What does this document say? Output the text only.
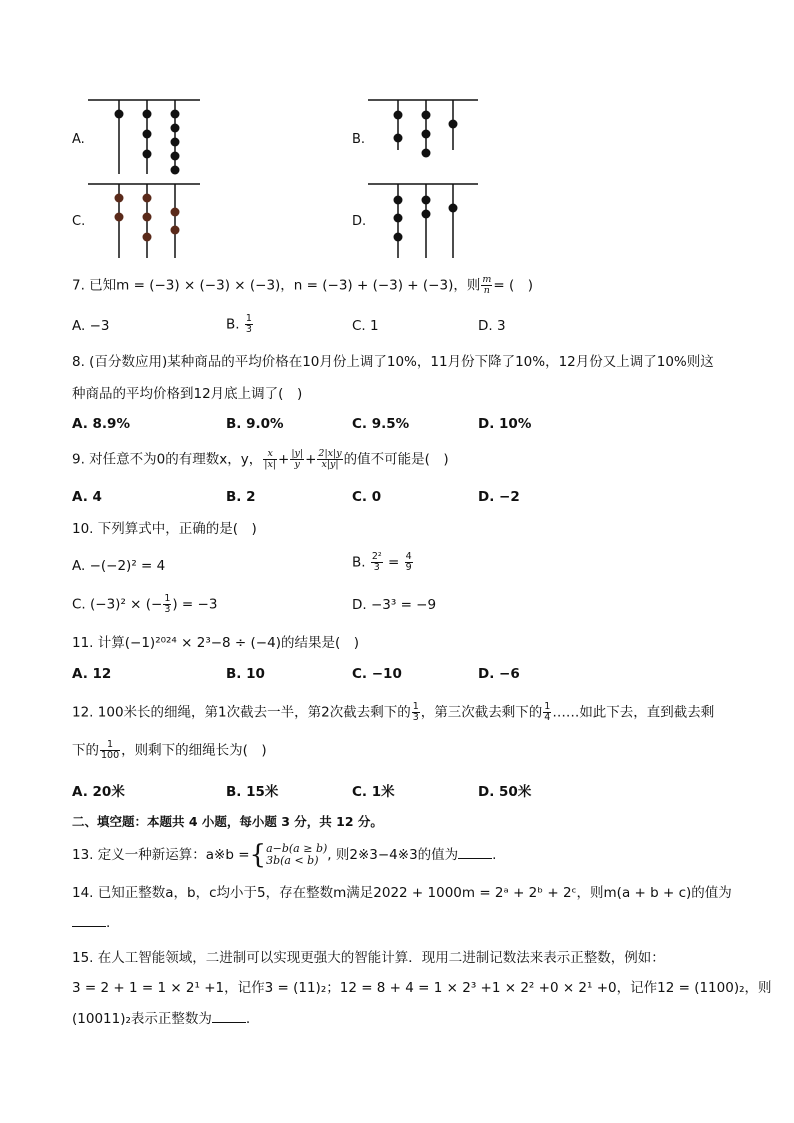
A.	B.
C.	D.
7. 已知m = (−3) × (−3) × (−3)，n = (−3) + (−3) + (−3)，则 $\frac{m}{n}$ = (　)
A. −3	B. $\frac{1}{3}$	C. 1	D. 3
8. (百分数应用)某种商品的平均价格在10月份上调了10%，11月份下降了10%，12月份又上调了10%则这
种商品的平均价格到12月底上调了(　)
A. 8.9%	B. 9.0%	C. 9.5%	D. 10%
9. 对任意不为0的有理数x，y， $\frac{x}{|x|} + \frac{|y|}{y} + \frac{2|x|y}{x|y|}$ 的值不可能是(　)
A. 4	B. 2	C. 0	D. −2
10. 下列算式中，正确的是(　)
A. −(−2)² = 4	B. $\frac{\text{2²}}{3} = \frac{4}{9}$
C. (−3)² × (− $\frac{1}{3}$ ) = −3	D. −3³ = −9
11. 计算(−1)²⁰²⁴ × 2³−8 ÷ (−4)的结果是(　)
A. 12	B. 10	C. −10	D. −6
12. 100米长的细绳，第1次截去一半，第2次截去剩下的 $\frac{1}{3}$ ，第三次截去剩下的 $\frac{1}{4}$ ……如此下去，直到截去剩
下的 $\frac{1}{100}$ ，则剩下的细绳长为(　)
A. 20米	B. 15米	C. 1米	D. 50米
二、填空题：本题共 4 小题，每小题 3 分，共 12 分。
13. 定义一种新运算：a※b ={ a−b(a ≥ b)
3b(a < b) , 则2※3−4※3的值为	.
14. 已知正整数a，b，c均小于5，存在整数m满足2022 + 1000m = 2ᵃ + 2ᵇ + 2ᶜ，则m(a + b + c)的值为
.
15. 在人工智能领域，二进制可以实现更强大的智能计算．现用二进制记数法来表示正整数，例如：
3 = 2 + 1 = 1 × 2¹ +1，记作3 = (11)₂；12 = 8 + 4 = 1 × 2³ +1 × 2² +0 × 2¹ +0，记作12 = (1100)₂，则
(10011)₂表示正整数为	.
